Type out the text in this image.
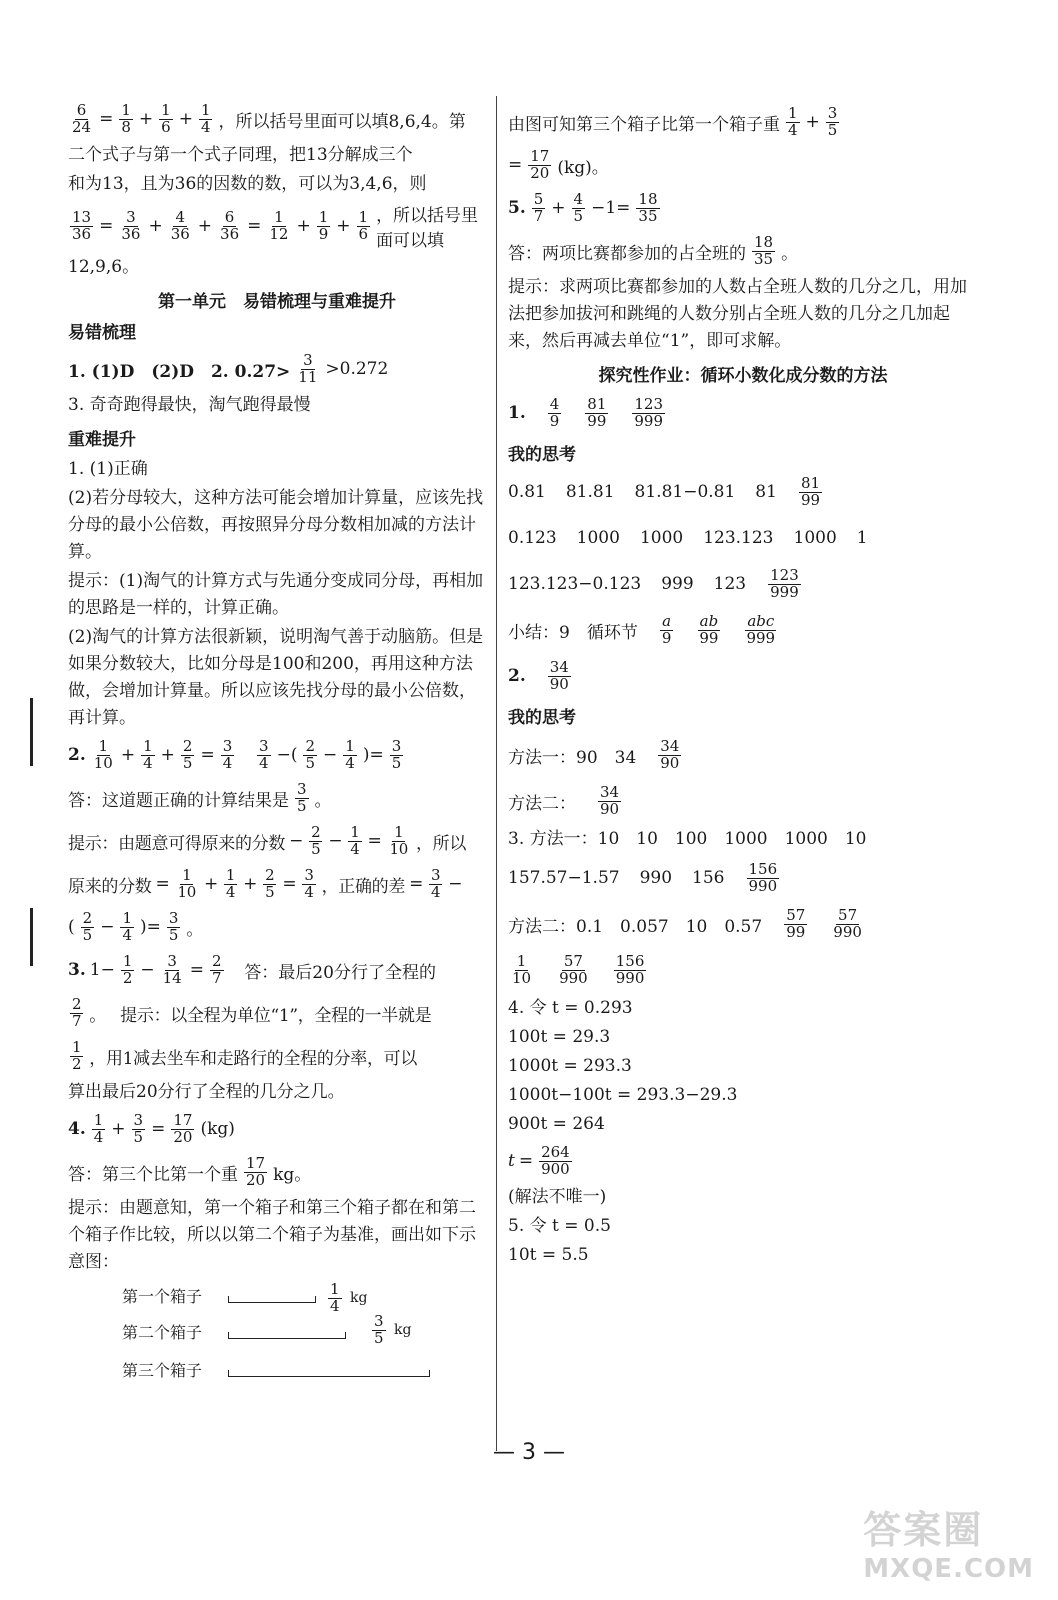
$\frac{6}{24} = \frac{1}{8} + \frac{1}{6} + \frac{1}{4}$ ，所以括号里面可以填8,6,4。第
二个式子与第一个式子同理，把13分解成三个
和为13，且为36的因数的数，可以为3,4,6，则
$\frac{13}{36} = \frac{3}{36} + \frac{4}{36} + \frac{6}{36} = \frac{1}{12} + \frac{1}{9} + \frac{1}{6}$ ，所以括号里面可以填
12,9,6。
第一单元　易错梳理与重难提升
易错梳理
1. (1)D　(2)D　2. $0.27> \frac{3}{11} >0.272$
3. 奇奇跑得最快，淘气跑得最慢
重难提升
1. (1)正确
(2)若分母较大，这种方法可能会增加计算量，应该先找分母的最小公倍数，再按照异分母分数相加减的方法计算。
提示：(1)淘气的计算方式与先通分变成同分母，再相加的思路是一样的，计算正确。
(2)淘气的计算方法很新颖，说明淘气善于动脑筋。但是如果分数较大，比如分母是100和200，再用这种方法做，会增加计算量。所以应该先找分母的最小公倍数，再计算。
2. $\frac{1}{10} + \frac{1}{4} + \frac{2}{5} = \frac{3}{4}$
$\frac{3}{4}$ −( $\frac{2}{5} - \frac{1}{4}$ )= $\frac{3}{5}$
答：这道题正确的计算结果是 $\frac{3}{5}$ 。
提示：由题意可得原来的分数 − $\frac{2}{5} - \frac{1}{4} = \frac{1}{10}$ ，所以
原来的分数 = $\frac{1}{10} + \frac{1}{4} + \frac{2}{5} = \frac{3}{4}$ ，正确的差 = $\frac{3}{4}$ −
( $\frac{2}{5} - \frac{1}{4}$ )= $\frac{3}{5}$ 。
3. $1- \frac{1}{2} - \frac{3}{14} = \frac{2}{7}$
答：最后20分行了全程的
$\frac{2}{7}$ 。 提示：以全程为单位“1”，全程的一半就是
$\frac{1}{2}$ ，用1减去坐车和走路行的全程的分率，可以
算出最后20分行了全程的几分之几。
4. $\frac{1}{4} + \frac{3}{5} = \frac{17}{20} (kg)$
答：第三个比第一个重 $\frac{17}{20}$ kg。
提示：由题意知，第一个箱子和第三个箱子都在和第二个箱子作比较，所以以第二个箱子为基准，画出如下示意图：
第一个箱子	$\frac{1}{4}$ kg
第二个箱子	$\frac{3}{5}$ kg
第三个箱子
由图可知第三个箱子比第一个箱子重 $\frac{1}{4} + \frac{3}{5}$
= $\frac{17}{20} (kg)$。
5. $\frac{5}{7} + \frac{4}{5} -1= \frac{18}{35}$
答：两项比赛都参加的占全班的 $\frac{18}{35}$ 。
提示：求两项比赛都参加的人数占全班人数的几分之几，用加法把参加拔河和跳绳的人数分别占全班人数的几分之几加起来，然后再减去单位“1”，即可求解。
探究性作业：循环小数化成分数的方法
1. $\frac{4}{9} \frac{81}{99} \frac{123}{999}$
我的思考
0.81 81.81 81.81−0.81 $81 \frac{81}{99}$
0.123 1000 1000 123.123 1000 1
123.123−0.123 999 $123 \frac{123}{999}$
小结：9　循环节 $\frac{a}{9} \frac{ab}{99} \frac{\text{abc}}{999}$
2. $\frac{34}{90}$
我的思考
方法一：90　$34 \frac{34}{90}$
方法二： $\frac{34}{90}$
3. 方法一：10　10　100　1000　1000　10
157.57−1.57 990 $156 \frac{156}{990}$
方法二：0.1　0.057　10　$0.57 \frac{57}{99} \frac{57}{990}$
$\frac{1}{10} \frac{57}{990} \frac{156}{990}$
4. 令 t = 0.293
100t = 29.3
1000t = 293.3
1000t−100t = 293.3−29.3
900t = 264
$t = \frac{264}{900}$
(解法不唯一)
5. 令 t = 0.5
10t = 5.5
— 3 —
答案圈
MXQE.COM
